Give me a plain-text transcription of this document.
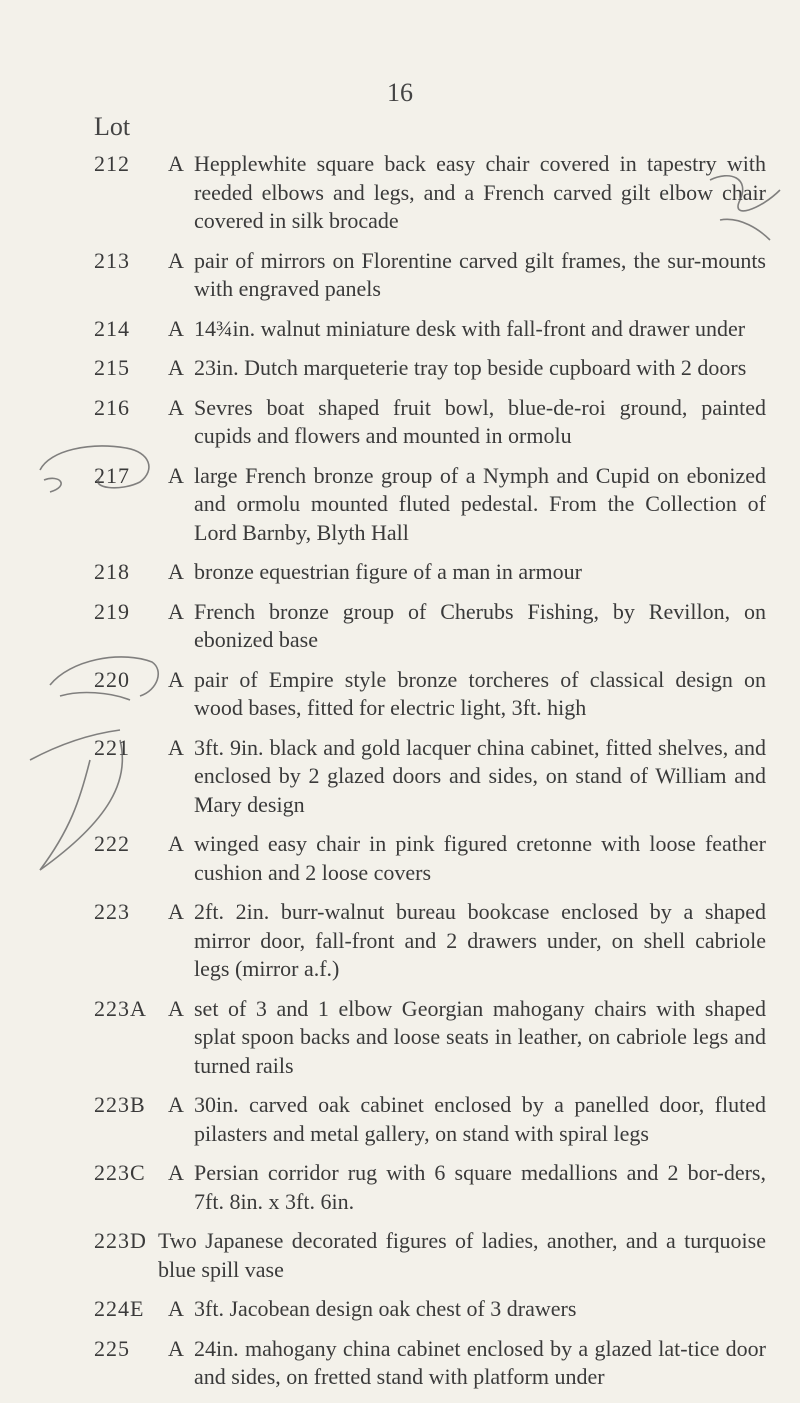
16
Lot
212	A Hepplewhite square back easy chair covered in tapestry with reeded elbows and legs, and a French carved gilt elbow chair covered in silk brocade
213	A pair of mirrors on Florentine carved gilt frames, the sur-mounts with engraved panels
214	A 14¾in. walnut miniature desk with fall-front and drawer under
215	A 23in. Dutch marqueterie tray top beside cupboard with 2 doors
216	A Sevres boat shaped fruit bowl, blue-de-roi ground, painted cupids and flowers and mounted in ormolu
217	A large French bronze group of a Nymph and Cupid on ebonized and ormolu mounted fluted pedestal. From the Collection of Lord Barnby, Blyth Hall
218	A bronze equestrian figure of a man in armour
219	A French bronze group of Cherubs Fishing, by Revillon, on ebonized base
220	A pair of Empire style bronze torcheres of classical design on wood bases, fitted for electric light, 3ft. high
221	A 3ft. 9in. black and gold lacquer china cabinet, fitted shelves, and enclosed by 2 glazed doors and sides, on stand of William and Mary design
222	A winged easy chair in pink figured cretonne with loose feather cushion and 2 loose covers
223	A 2ft. 2in. burr-walnut bureau bookcase enclosed by a shaped mirror door, fall-front and 2 drawers under, on shell cabriole legs (mirror a.f.)
223A A set of 3 and 1 elbow Georgian mahogany chairs with shaped splat spoon backs and loose seats in leather, on cabriole legs and turned rails
223B	A 30in. carved oak cabinet enclosed by a panelled door, fluted pilasters and metal gallery, on stand with spiral legs
223C	A Persian corridor rug with 6 square medallions and 2 bor-ders, 7ft. 8in. x 3ft. 6in.
223D Two Japanese decorated figures of ladies, another, and a turquoise blue spill vase
224E	A 3ft. Jacobean design oak chest of 3 drawers
225	A 24in. mahogany china cabinet enclosed by a glazed lat-tice door and sides, on fretted stand with platform under
